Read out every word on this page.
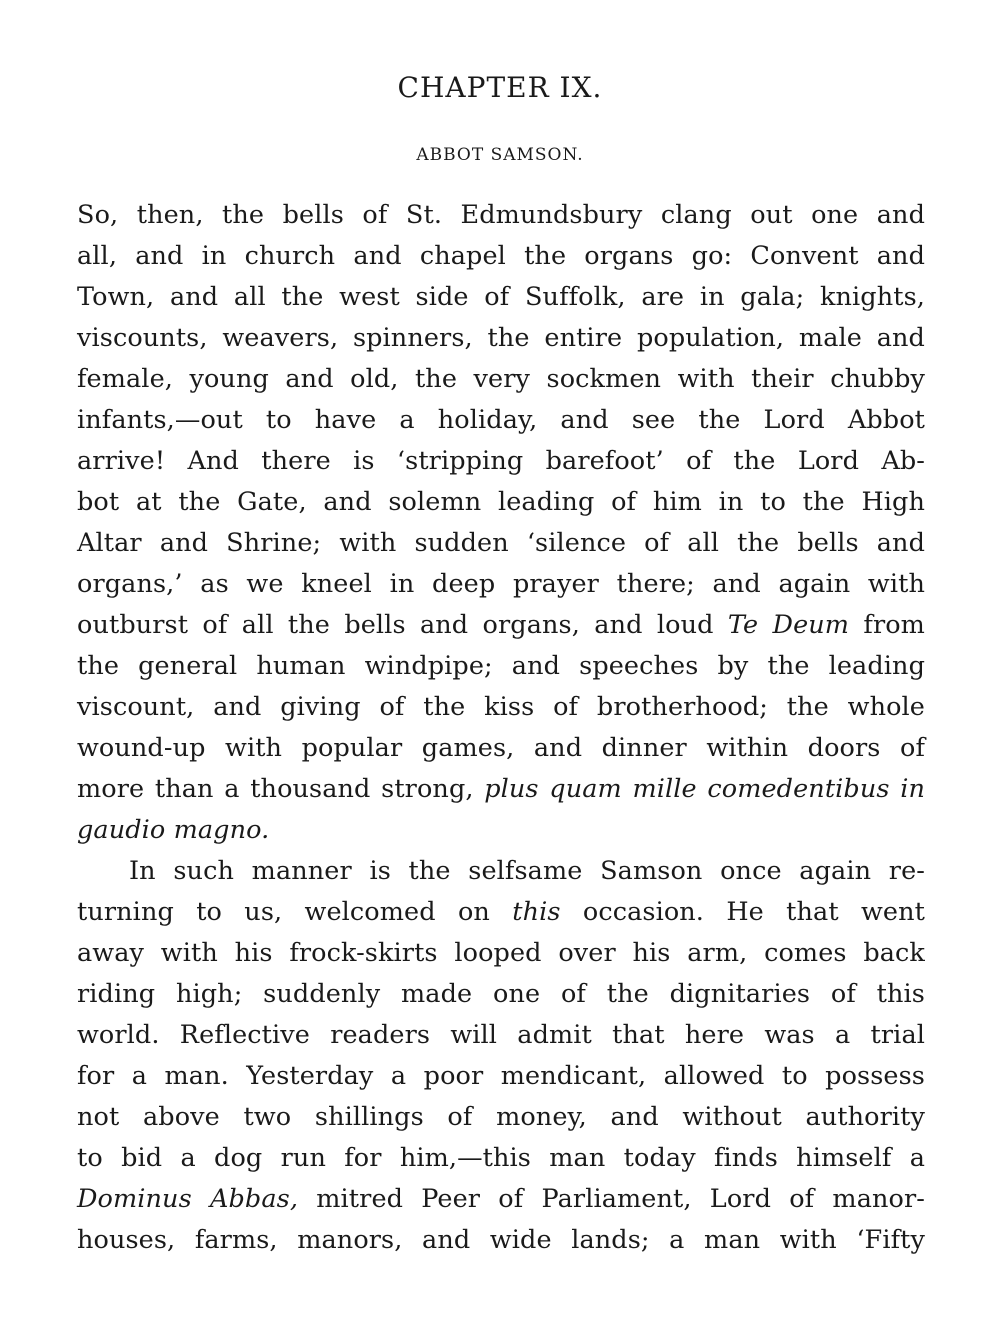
CHAPTER IX.
ABBOT SAMSON.
So, then, the bells of St. Edmundsbury clang out one and
all, and in church and chapel the organs go: Convent and
Town, and all the west side of Suffolk, are in gala; knights,
viscounts, weavers, spinners, the entire population, male and
female, young and old, the very sockmen with their chubby
infants,—out to have a holiday, and see the Lord Abbot
arrive! And there is ‘stripping barefoot’ of the Lord Ab-
bot at the Gate, and solemn leading of him in to the High
Altar and Shrine; with sudden ‘silence of all the bells and
organs,’ as we kneel in deep prayer there; and again with
outburst of all the bells and organs, and loud Te Deum from
the general human windpipe; and speeches by the leading
viscount, and giving of the kiss of brotherhood; the whole
wound-up with popular games, and dinner within doors of
more than a thousand strong, plus quam mille comedentibus in
gaudio magno.
In such manner is the selfsame Samson once again re-
turning to us, welcomed on this occasion. He that went
away with his frock-skirts looped over his arm, comes back
riding high; suddenly made one of the dignitaries of this
world. Reflective readers will admit that here was a trial
for a man. Yesterday a poor mendicant, allowed to possess
not above two shillings of money, and without authority
to bid a dog run for him,—this man today finds himself a
Dominus Abbas, mitred Peer of Parliament, Lord of manor-
houses, farms, manors, and wide lands; a man with ‘Fifty
